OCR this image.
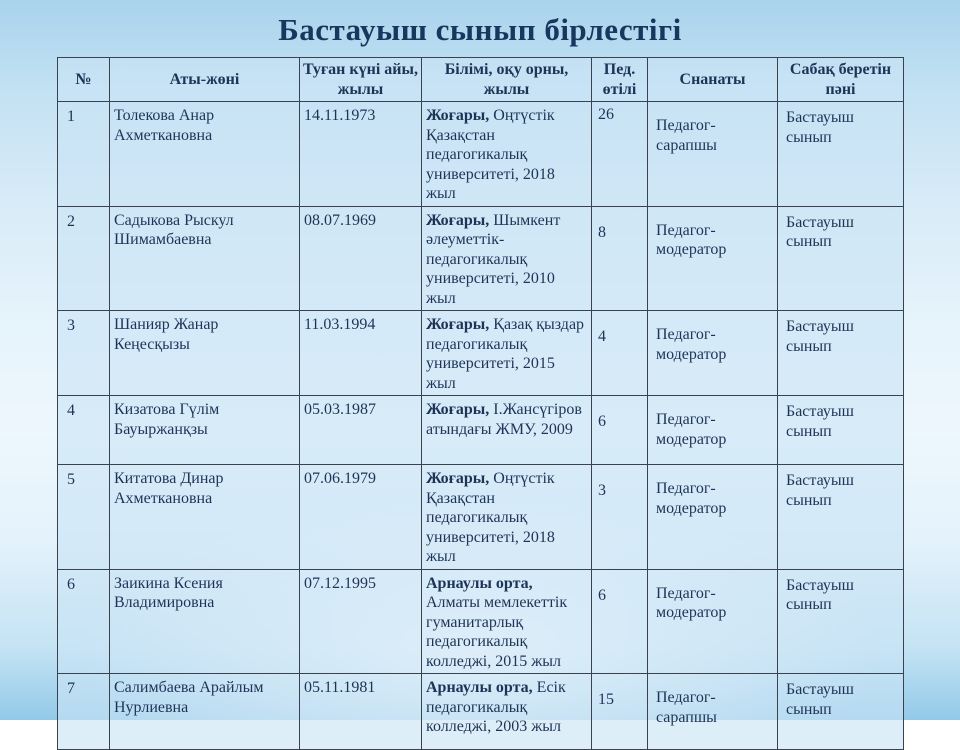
Бастауыш сынып бірлестігі
№	Аты-жөні	Туған күні айы, жылы	Білімі, оқу орны, жылы	Пед. өтілі	Снанаты	Сабақ беретін пәні
1	Толекова Анар Ахметкановна	14.11.1973	Жоғары, Оңтүстік Қазақстан педагогикалық университеті, 2018 жыл	26	Педагог-сарапшы	Бастауыш сынып
2	Садыкова Рыскул Шимамбаевна	08.07.1969	Жоғары, Шымкент әлеуметтік-педагогикалық университеті, 2010 жыл	8	Педагог-модератор	Бастауыш сынып
3	Шанияр Жанар Кеңесқызы	11.03.1994	Жоғары, Қазақ қыздар педагогикалық университеті, 2015 жыл	4	Педагог-модератор	Бастауыш сынып
4	Кизатова Гүлім Бауыржанқзы	05.03.1987	Жоғары, І.Жансүгіров атындағы ЖМУ, 2009	6	Педагог-модератор	Бастауыш сынып
5	Китатова Динар Ахметкановна	07.06.1979	Жоғары, Оңтүстік Қазақстан педагогикалық университеті, 2018 жыл	3	Педагог-модератор	Бастауыш сынып
6	Заикина Ксения Владимировна	07.12.1995	Арнаулы орта, Алматы мемлекеттік гуманитарлық педагогикалық колледжі, 2015 жыл	6	Педагог-модератор	Бастауыш сынып
7	Салимбаева Арайлым Нурлиевна	05.11.1981	Арнаулы орта, Есік педагогикалық колледжі, 2003 жыл	15	Педагог-сарапшы	Бастауыш сынып
